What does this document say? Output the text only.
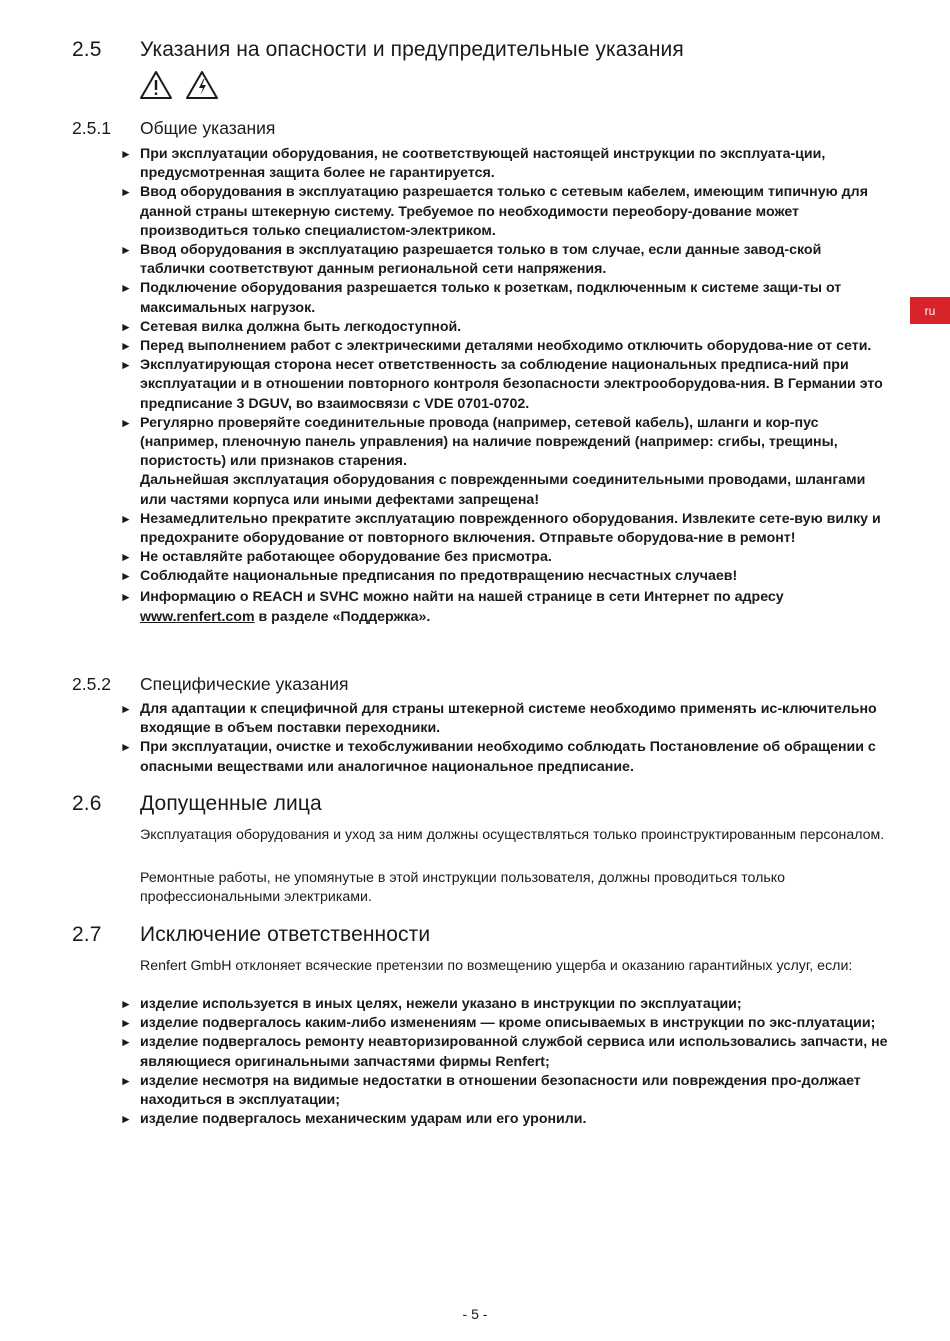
2.5	Указания на опасности и предупредительные указания
2.5.1	Общие указания
► При эксплуатации оборудования, не соответствующей настоящей инструкции по эксплуата-ции, предусмотренная защита более не гарантируется.
► Ввод оборудования в эксплуатацию разрешается только с сетевым кабелем, имеющим типичную для данной страны штекерную систему. Требуемое по необходимости переобору-дование может производиться только специалистом-электриком.
► Ввод оборудования в эксплуатацию разрешается только в том случае, если данные завод-ской таблички соответствуют данным региональной сети напряжения.
► Подключение оборудования разрешается только к розеткам, подключенным к системе защи-ты от максимальных нагрузок.
► Сетевая вилка должна быть легкодоступной.
► Перед выполнением работ с электрическими деталями необходимо отключить оборудова-ние от сети.
► Эксплуатирующая сторона несет ответственность за соблюдение национальных предписа-ний при эксплуатации и в отношении повторного контроля безопасности электрооборудова-ния. В Германии это предписание 3 DGUV, во взаимосвязи с VDE 0701-0702.
► Регулярно проверяйте соединительные провода (например, сетевой кабель), шланги и кор-пус (например, пленочную панель управления) на наличие повреждений (например: сгибы, трещины, пористость) или признаков старения.
Дальнейшая эксплуатация оборудования с поврежденными соединительными проводами, шлангами или частями корпуса или иными дефектами запрещена!
► Незамедлительно прекратите эксплуатацию поврежденного оборудования. Извлеките сете-вую вилку и предохраните оборудование от повторного включения. Отправьте оборудова-ние в ремонт!
► Не оставляйте работающее оборудование без присмотра.
► Соблюдайте национальные предписания по предотвращению несчастных случаев!
► Информацию о REACH и SVHC можно найти на нашей странице в сети Интернет по адресу www.renfert.com в разделе «Поддержка».
2.5.2	Специфические указания
► Для адаптации к специфичной для страны штекерной системе необходимо применять ис-ключительно входящие в объем поставки переходники.
► При эксплуатации, очистке и техобслуживании необходимо соблюдать Постановление об обращении с опасными веществами или аналогичное национальное предписание.
2.6	Допущенные лица
Эксплуатация оборудования и уход за ним должны осуществляться только проинструктированным персоналом.
Ремонтные работы, не упомянутые в этой инструкции пользователя, должны проводиться только профессиональными электриками.
2.7	Исключение ответственности
Renfert GmbH отклоняет всяческие претензии по возмещению ущерба и оказанию гарантийных услуг, если:
► изделие используется в иных целях, нежели указано в инструкции по эксплуатации;
► изделие подвергалось каким-либо изменениям — кроме описываемых в инструкции по экс-плуатации;
► изделие подвергалось ремонту неавторизированной службой сервиса или использовались запчасти, не являющиеся оригинальными запчастями фирмы Renfert;
► изделие несмотря на видимые недостатки в отношении безопасности или повреждения про-должает находиться в эксплуатации;
► изделие подвергалось механическим ударам или его уронили.
ru
- 5 -
